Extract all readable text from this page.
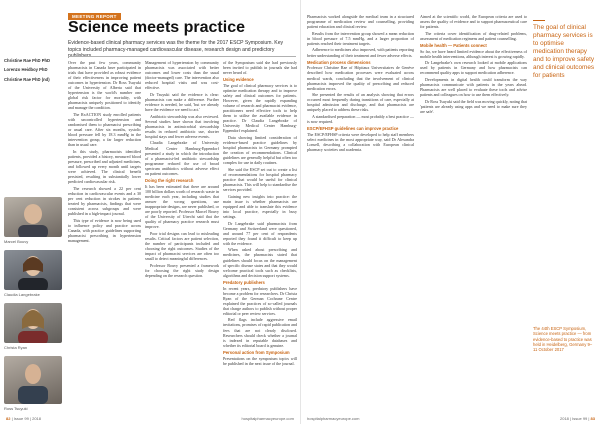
MEETING REPORT
Science meets practice

Evidence-based clinical pharmacy services was the theme for the 2017 ESCP Symposium. Key topics included pharmacy-managed cardiovascular disease, research design and predictory publishers

Christine Rae PhD PhD
Lorenzo Heidboy PhD
Christine Rae PhD (nd)
Marcel Bouvy
Claudia Langebrake
Christa Ryan
Ross Tsuyuki

Over the past few years, community pharmacists in Canada have participated in trials that have provided as robust evidence of their effectiveness in improving patient outcomes in hypertension. Dr Ross Tsuyuki of the University of Alberta said that hypertension is the world's number one global risk factor for mortality, with pharmacists uniquely positioned to identify and manage the condition.

The RxACTION study enrolled patients with uncontrolled hypertension and randomised them to pharmacist prescribing or usual care. After six months, systolic blood pressure fell by 18.3 mmHg in the intervention group, a far larger reduction than in usual care.

In this study, pharmacists identified patients, provided a history, measured blood pressure, prescribed and adjusted medicines, and followed up every month until targets were achieved. The clinical benefit persisted, resulting in substantially lower predicted cardiovascular risk.

The research showed a 22 per cent reduction in cardiovascular events and a 30 per cent reduction in strokes in patients treated by pharmacists, findings that were consistent across subgroups and were published in a high-impact journal.

This type of evidence is now being used to influence policy and practice across Canada, with practice guidelines supporting pharmacist prescribing in hypertension management.

Management of hypertension by community pharmacists was associated with better outcomes and lower costs than the usual (doctor-managed) care. The intervention also reduced hospital visits and was cost-effective.

Dr Tsuyuki said the evidence is clear: pharmacists can make a difference. Further evidence is needed, he said, 'but we already have the evidence we need to act.'

Antibiotic stewardship was also reviewed. Several studies have shown that involving pharmacists in antimicrobial stewardship results in reduced antibiotic use, shorter hospital stays and fewer adverse events.

Claudia Langebrake of University Medical Center Hamburg-Eppendorf presented a study in which the introduction of a pharmacist-led antibiotic stewardship programme reduced the use of broad spectrum antibiotics without adverse effect on patient outcomes.

Doing the right research

It has been estimated that there are around 100 billion dollars worth of research waste in medicine each year, including studies that answer the wrong questions, use inappropriate designs, are never published, or are poorly reported. Professor Marcel Bouvy of the University of Utrecht said that the quality of pharmacy practice research must improve.

Poor trial designs can lead to misleading results. Critical factors are patient selection, the number of participants included and choosing the right outcomes. Studies of the impact of pharmacist services are often too small to detect meaningful differences.

Professor Bouvy presented a framework for choosing the right study design depending on the research question.

of the Symposium said she had previously been invited to publish in journals she had never heard of.

Using evidence

The goal of clinical pharmacy services is to optimise medication therapy and to improve safety and clinical outcomes for patients. However, given the rapidly expanding volume of research and pharmacist evidence, practitioners need effective tools to help them to utilise the available evidence in practice. Dr Claudia Langebrake of University Medical Center Hamburg-Eppendorf explained.

Data showing limited consideration of evidence-based practice guidelines by hospital pharmacists in Germany prompted the creation of recommendations. Clinical guidelines are generally helpful but often too complex for use in daily routines.

She said the ESCP set out to create a list of recommendations for hospital pharmacy practice that would be useful for clinical pharmacists. This will help to standardise the services provided.

Gaining new insights into practice: the main issue is whether pharmacists are equipped and able to translate this evidence into local practice, especially in busy settings.

Dr Langebrake said pharmacists from Germany and Switzerland were questioned, and around 77 per cent of respondents reported they found it difficult to keep up with the evidence.

When asked about prescribing and medicines, the pharmacists stated that guidelines should focus on the management of specific disease states and that they would welcome practical tools such as checklists, algorithms and decision support systems.

Predatory publishers

In recent years, predatory publishers have become a problem for researchers. Dr Christa Ryan of the German Cochrane Centre explained the practices of so-called journals that charge authors to publish without proper editorial or peer review services.

Red flags include aggressive email invitations, promises of rapid publication and fees that are not clearly disclosed. Researchers should check whether a journal is indexed in reputable databases and whether its editorial board is genuine.

Personal action from Symposium

Presentations on the symposium topics will be published in the next issue of the journal.

82 | Issue 99 | 2018	hospitalpharmacyeurope.com

Pharmacists worked alongside the medical team in a structured programme of medication review and counselling, providing patient education and clinical review.

Results from the intervention group showed a mean reduction in blood pressure of 7.5 mmHg, and a larger proportion of patients reached their treatment targets.

Adherence to medicines also improved, with patients reporting better understanding of their treatment and fewer adverse effects.

Medication process dimensions

Professor Christine Rae of Hôpitaux Universitaires de Genève described how medication processes were evaluated across medical wards, concluding that the involvement of clinical pharmacists improved the quality of prescribing and reduced medication errors.

She presented the results of an analysis showing that errors occurred most frequently during transitions of care, especially at hospital admission and discharge, and that pharmacists are uniquely placed to address these risks.

A standardised preparation — most probably a best practice — is now required.

ESCP/EFHSP guidelines can improve practice

The ESCP/EFHSP criteria were developed to help staff members select medicines in the most appropriate way, said Dr Alexandra Lonsell, describing a collaboration with European clinical pharmacy societies and academia.

Aimed at the scientific world, the European criteria are used to assess the quality of evidence and to support pharmaceutical care for patients.

The criteria cover identification of drug-related problems, assessment of medication regimens and patient counselling.

Mobile health — Patients connect

So far, we have heard limited evidence about the effectiveness of mobile health interventions, although interest is growing rapidly.

Dr Langebrake's own research looked at mobile applications used by patients in Germany and how pharmacists can recommend quality apps to support medication adherence.

Developments in digital health could transform the way pharmacists communicate with patients in the years ahead. Pharmacists are well placed to evaluate these tools and advise patients and colleagues on how to use them effectively.

Dr Ross Tsuyuki said the field was moving quickly, noting that 'patients are already using apps and we need to make sure they are safe'.

The goal of clinical pharmacy services is to optimise medication therapy and to improve safety and clinical outcomes for patients
The 44th ESCP Symposium, Science meets practice — from evidence-based to practice was held in Heidelberg, Germany 9–11 October 2017
hospitalpharmacyeurope.com	2018 | Issue 99 | 83
